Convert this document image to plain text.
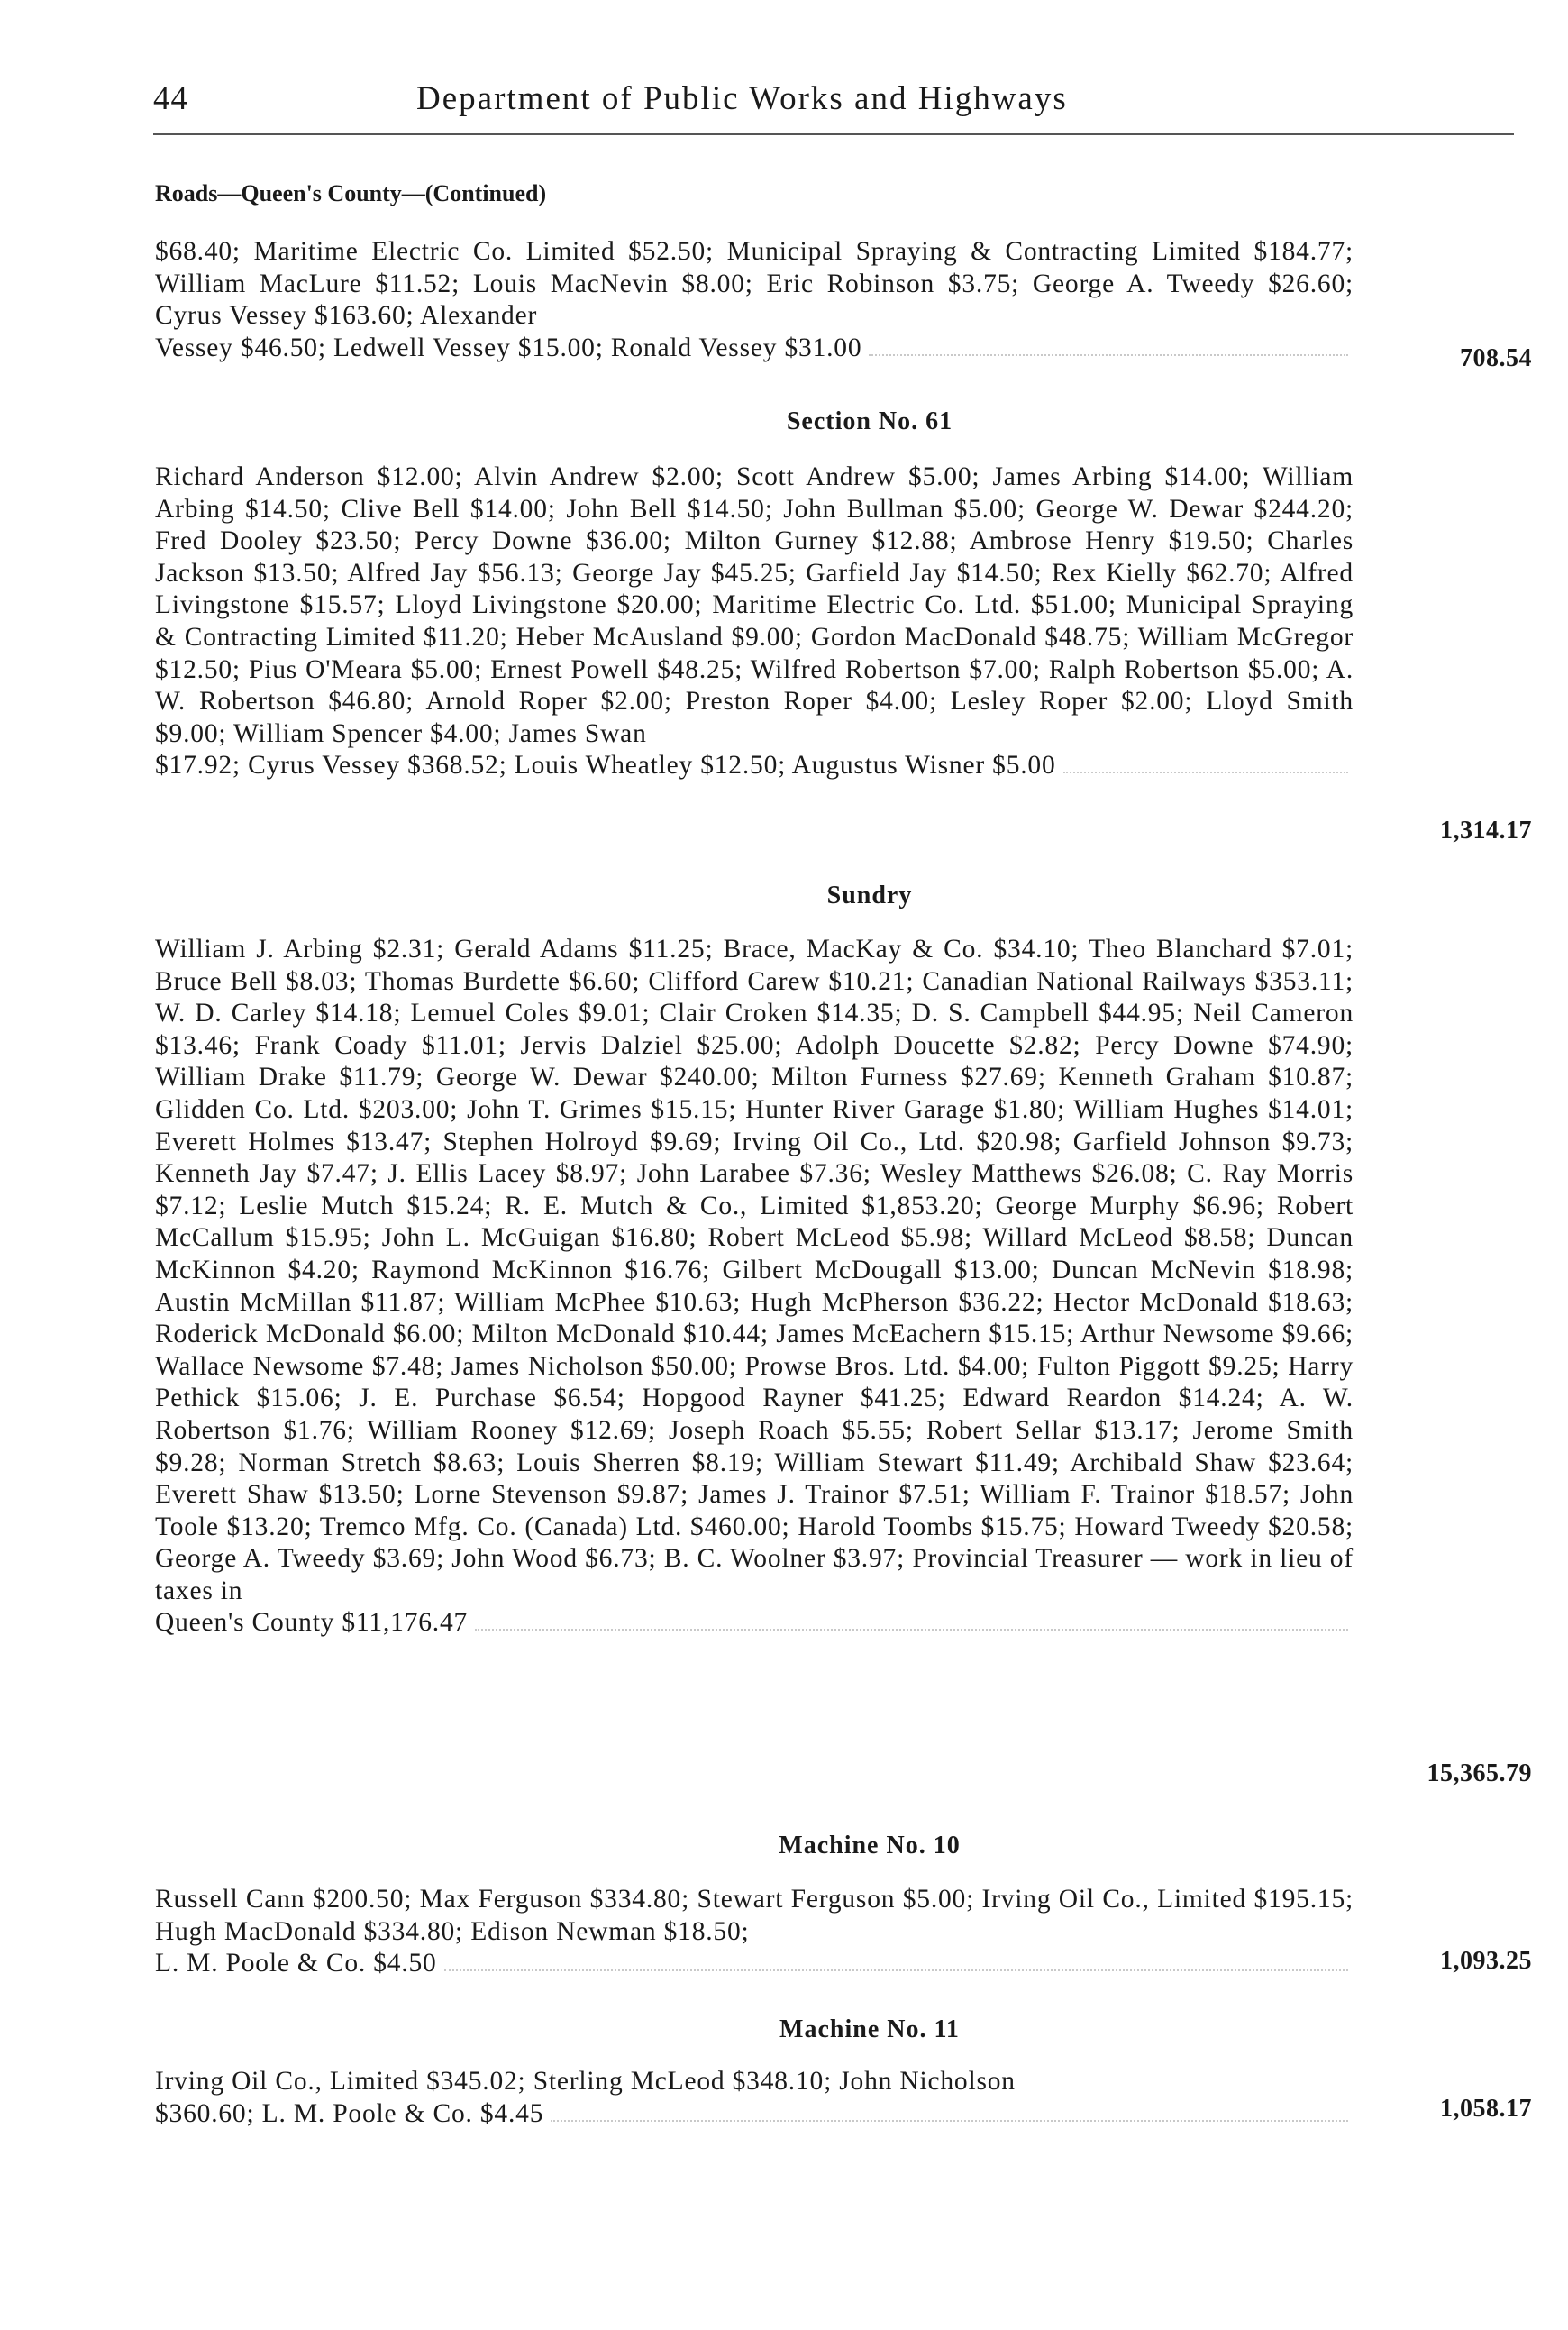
44	Department of Public Works and Highways
Roads—Queen's County—(Continued)

$68.40; Maritime Electric Co. Limited $52.50; Municipal Spraying & Contracting Limited $184.77; William MacLure $11.52; Louis MacNevin $8.00; Eric Robinson $3.75; George A. Tweedy $26.60; Cyrus Vessey $163.60; Alexander

Vessey $46.50; Ledwell Vessey $15.00; Ronald Vessey $31.00	708.54
Section No. 61

Richard Anderson $12.00; Alvin Andrew $2.00; Scott Andrew $5.00; James Arbing $14.00; William Arbing $14.50; Clive Bell $14.00; John Bell $14.50; John Bullman $5.00; George W. Dewar $244.20; Fred Dooley $23.50; Percy Downe $36.00; Milton Gurney $12.88; Ambrose Henry $19.50; Charles Jackson $13.50; Alfred Jay $56.13; George Jay $45.25; Garfield Jay $14.50; Rex Kielly $62.70; Alfred Livingstone $15.57; Lloyd Livingstone $20.00; Maritime Electric Co. Ltd. $51.00; Municipal Spraying & Contracting Limited $11.20; Heber McAusland $9.00; Gordon MacDonald $48.75; William McGregor $12.50; Pius O'Meara $5.00; Ernest Powell $48.25; Wilfred Robertson $7.00; Ralph Robertson $5.00; A. W. Robertson $46.80; Arnold Roper $2.00; Preston Roper $4.00; Lesley Roper $2.00; Lloyd Smith $9.00; William Spencer $4.00; James Swan

$17.92; Cyrus Vessey $368.52; Louis Wheatley $12.50; Augustus Wisner $5.00
1,314.17
Sundry

William J. Arbing $2.31; Gerald Adams $11.25; Brace, MacKay & Co. $34.10; Theo Blanchard $7.01; Bruce Bell $8.03; Thomas Burdette $6.60; Clifford Carew $10.21; Canadian National Railways $353.11; W. D. Carley $14.18; Lemuel Coles $9.01; Clair Croken $14.35; D. S. Campbell $44.95; Neil Cameron $13.46; Frank Coady $11.01; Jervis Dalziel $25.00; Adolph Doucette $2.82; Percy Downe $74.90; William Drake $11.79; George W. Dewar $240.00; Milton Furness $27.69; Kenneth Graham $10.87; Glidden Co. Ltd. $203.00; John T. Grimes $15.15; Hunter River Garage $1.80; William Hughes $14.01; Everett Holmes $13.47; Stephen Holroyd $9.69; Irving Oil Co., Ltd. $20.98; Garfield Johnson $9.73; Kenneth Jay $7.47; J. Ellis Lacey $8.97; John Larabee $7.36; Wesley Matthews $26.08; C. Ray Morris $7.12; Leslie Mutch $15.24; R. E. Mutch & Co., Limited $1,853.20; George Murphy $6.96; Robert McCallum $15.95; John L. McGuigan $16.80; Robert McLeod $5.98; Willard McLeod $8.58; Duncan McKinnon $4.20; Raymond McKinnon $16.76; Gilbert McDougall $13.00; Duncan McNevin $18.98; Austin McMillan $11.87; William McPhee $10.63; Hugh McPherson $36.22; Hector McDonald $18.63; Roderick McDonald $6.00; Milton McDonald $10.44; James McEachern $15.15; Arthur Newsome $9.66; Wallace Newsome $7.48; James Nicholson $50.00; Prowse Bros. Ltd. $4.00; Fulton Piggott $9.25; Harry Pethick $15.06; J. E. Purchase $6.54; Hopgood Rayner $41.25; Edward Reardon $14.24; A. W. Robertson $1.76; William Rooney $12.69; Joseph Roach $5.55; Robert Sellar $13.17; Jerome Smith $9.28; Norman Stretch $8.63; Louis Sherren $8.19; William Stewart $11.49; Archibald Shaw $23.64; Everett Shaw $13.50; Lorne Stevenson $9.87; James J. Trainor $7.51; William F. Trainor $18.57; John Toole $13.20; Tremco Mfg. Co. (Canada) Ltd. $460.00; Harold Toombs $15.75; Howard Tweedy $20.58; George A. Tweedy $3.69; John Wood $6.73; B. C. Woolner $3.97; Provincial Treasurer — work in lieu of taxes in

Queen's County $11,176.47
15,365.79
Machine No. 10

Russell Cann $200.50; Max Ferguson $334.80; Stewart Ferguson $5.00; Irving Oil Co., Limited $195.15; Hugh MacDonald $334.80; Edison Newman $18.50;

L. M. Poole & Co. $4.50	1,093.25
Machine No. 11

Irving Oil Co., Limited $345.02; Sterling McLeod $348.10; John Nicholson

$360.60; L. M. Poole & Co. $4.45	1,058.17
